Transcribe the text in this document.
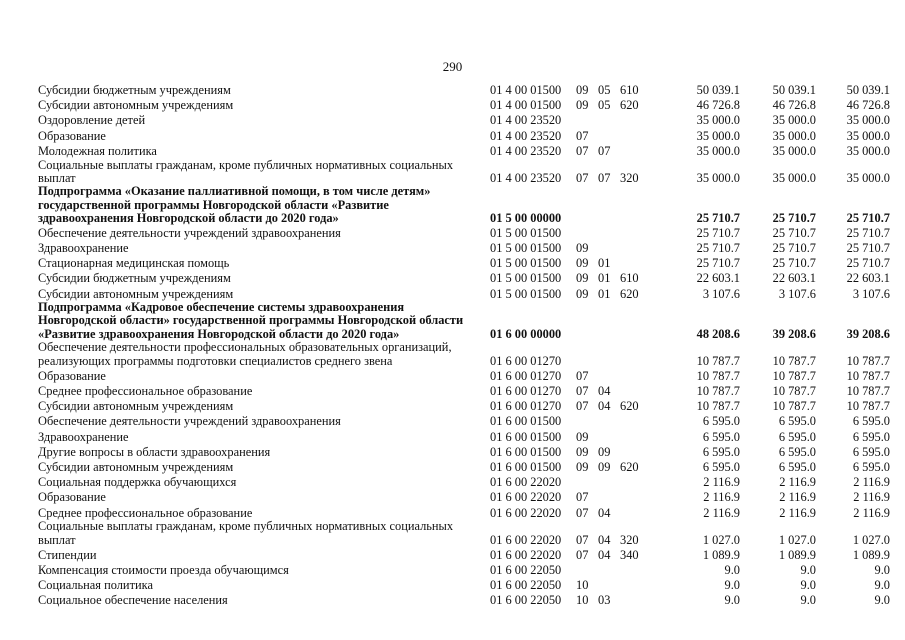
290
Субсидии бюджетным учреждениям	01 4 00 01500	09	05	610	50 039.1	50 039.1	50 039.1
Субсидии автономным учреждениям	01 4 00 01500	09	05	620	46 726.8	46 726.8	46 726.8
Оздоровление детей	01 4 00 23520				35 000.0	35 000.0	35 000.0
Образование	01 4 00 23520	07			35 000.0	35 000.0	35 000.0
Молодежная политика	01 4 00 23520	07	07		35 000.0	35 000.0	35 000.0
Социальные выплаты гражданам, кроме публичных нормативных социальных выплат	01 4 00 23520	07	07	320	35 000.0	35 000.0	35 000.0
Подпрограмма «Оказание паллиативной помощи, в том числе детям» государственной программы Новгородской области «Развитие здравоохранения Новгородской области до 2020 года»	01 5 00 00000				25 710.7	25 710.7	25 710.7
Обеспечение деятельности учреждений здравоохранения	01 5 00 01500				25 710.7	25 710.7	25 710.7
Здравоохранение	01 5 00 01500	09			25 710.7	25 710.7	25 710.7
Стационарная медицинская помощь	01 5 00 01500	09	01		25 710.7	25 710.7	25 710.7
Субсидии бюджетным учреждениям	01 5 00 01500	09	01	610	22 603.1	22 603.1	22 603.1
Субсидии автономным учреждениям	01 5 00 01500	09	01	620	3 107.6	3 107.6	3 107.6
Подпрограмма «Кадровое обеспечение системы здравоохранения Новгородской области» государственной программы Новгородской области «Развитие здравоохранения Новгородской области до 2020 года»	01 6 00 00000				48 208.6	39 208.6	39 208.6
Обеспечение деятельности профессиональных образовательных организаций, реализующих программы подготовки специалистов среднего звена	01 6 00 01270				10 787.7	10 787.7	10 787.7
Образование	01 6 00 01270	07			10 787.7	10 787.7	10 787.7
Среднее профессиональное образование	01 6 00 01270	07	04		10 787.7	10 787.7	10 787.7
Субсидии автономным учреждениям	01 6 00 01270	07	04	620	10 787.7	10 787.7	10 787.7
Обеспечение деятельности учреждений здравоохранения	01 6 00 01500				6 595.0	6 595.0	6 595.0
Здравоохранение	01 6 00 01500	09			6 595.0	6 595.0	6 595.0
Другие вопросы в области здравоохранения	01 6 00 01500	09	09		6 595.0	6 595.0	6 595.0
Субсидии автономным учреждениям	01 6 00 01500	09	09	620	6 595.0	6 595.0	6 595.0
Социальная поддержка обучающихся	01 6 00 22020				2 116.9	2 116.9	2 116.9
Образование	01 6 00 22020	07			2 116.9	2 116.9	2 116.9
Среднее профессиональное образование	01 6 00 22020	07	04		2 116.9	2 116.9	2 116.9
Социальные выплаты гражданам, кроме публичных нормативных социальных выплат	01 6 00 22020	07	04	320	1 027.0	1 027.0	1 027.0
Стипендии	01 6 00 22020	07	04	340	1 089.9	1 089.9	1 089.9
Компенсация стоимости проезда обучающимся	01 6 00 22050				9.0	9.0	9.0
Социальная политика	01 6 00 22050	10			9.0	9.0	9.0
Социальное обеспечение населения	01 6 00 22050	10	03		9.0	9.0	9.0
